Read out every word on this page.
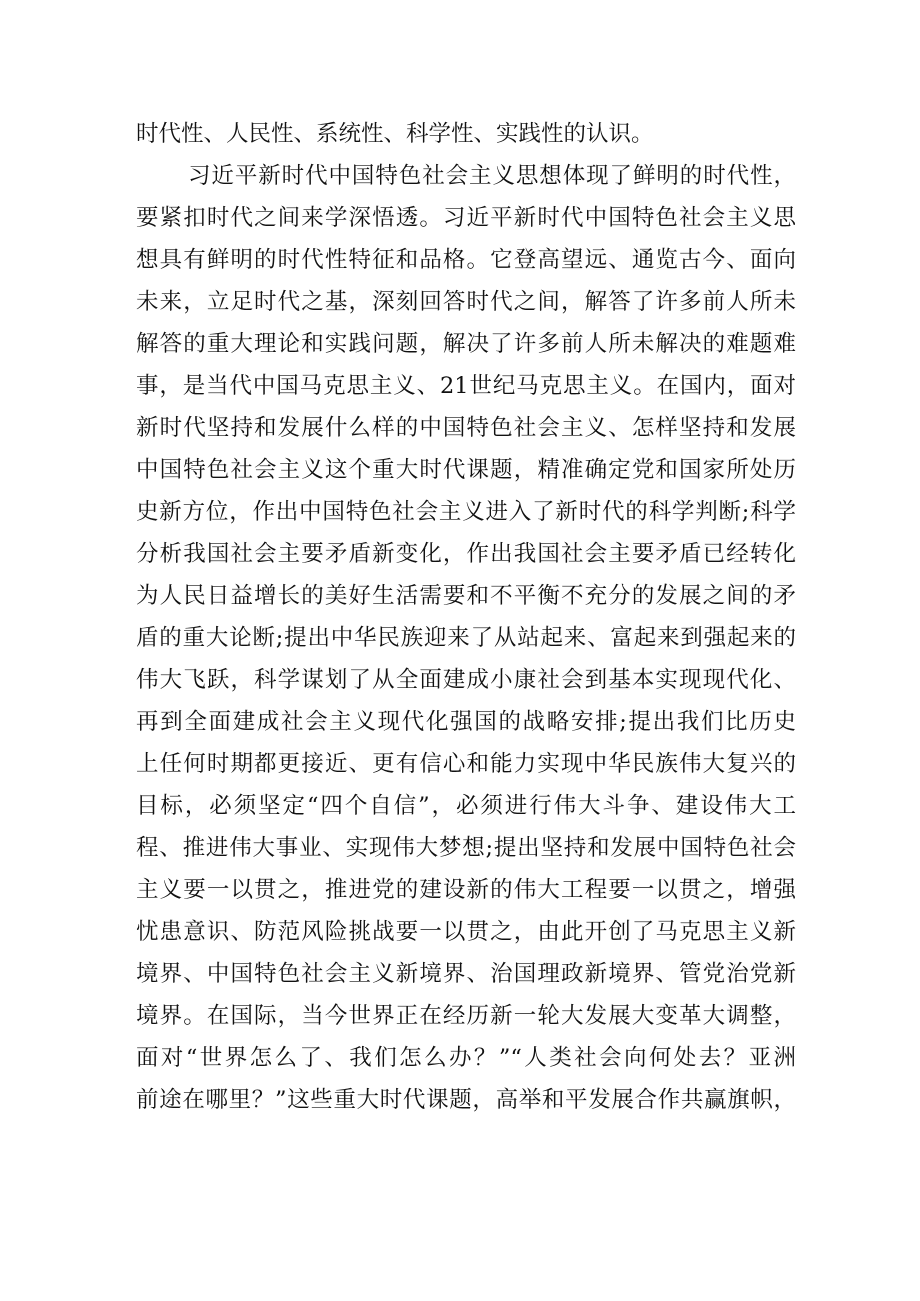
时代性、人民性、系统性、科学性、实践性的认识。
习近平新时代中国特色社会主义思想体现了鲜明的时代性，
要紧扣时代之间来学深悟透。习近平新时代中国特色社会主义思
想具有鲜明的时代性特征和品格。它登高望远、通览古今、面向
未来，立足时代之基，深刻回答时代之间，解答了许多前人所未
解答的重大理论和实践问题，解决了许多前人所未解决的难题难
事，是当代中国马克思主义、21世纪马克思主义。在国内，面对
新时代坚持和发展什么样的中国特色社会主义、怎样坚持和发展
中国特色社会主义这个重大时代课题，精准确定党和国家所处历
史新方位，作出中国特色社会主义进入了新时代的科学判断;科学
分析我国社会主要矛盾新变化，作出我国社会主要矛盾已经转化
为人民日益增长的美好生活需要和不平衡不充分的发展之间的矛
盾的重大论断;提出中华民族迎来了从站起来、富起来到强起来的
伟大飞跃，科学谋划了从全面建成小康社会到基本实现现代化、
再到全面建成社会主义现代化强国的战略安排;提出我们比历史
上任何时期都更接近、更有信心和能力实现中华民族伟大复兴的
目标，必须坚定“四个自信”，必须进行伟大斗争、建设伟大工
程、推进伟大事业、实现伟大梦想;提出坚持和发展中国特色社会
主义要一以贯之，推进党的建设新的伟大工程要一以贯之，增强
忧患意识、防范风险挑战要一以贯之，由此开创了马克思主义新
境界、中国特色社会主义新境界、治国理政新境界、管党治党新
境界。在国际，当今世界正在经历新一轮大发展大变革大调整，
面对“世界怎么了、我们怎么办？”“人类社会向何处去？亚洲
前途在哪里？”这些重大时代课题，高举和平发展合作共赢旗帜，
